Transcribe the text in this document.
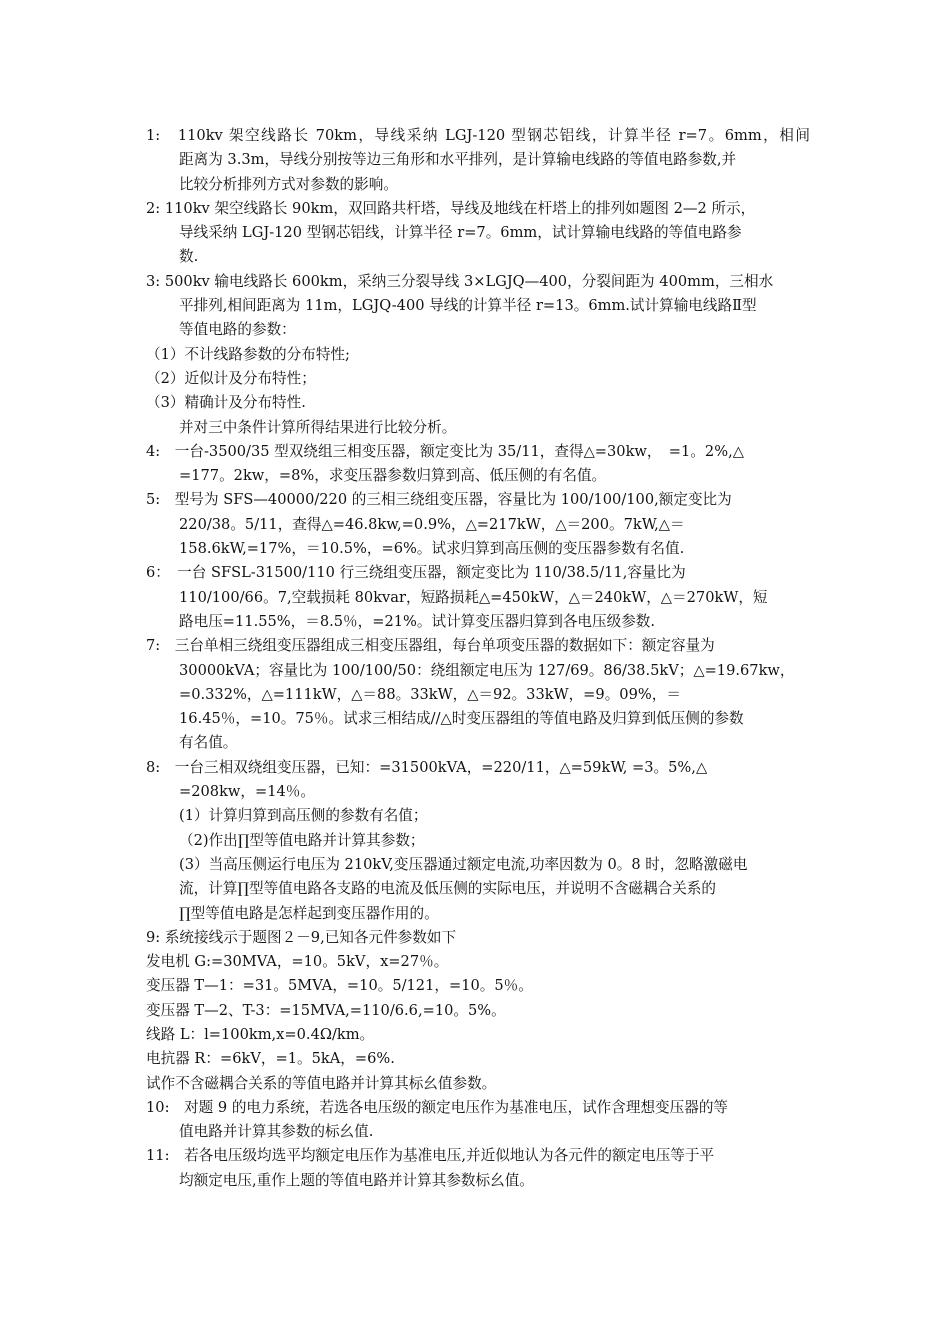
1:　110kv 架空线路长 70km，导线采纳 LGJ-120 型钢芯铝线，计算半径 r=7。6mm，相间
距离为 3.3m，导线分别按等边三角形和水平排列，是计算输电线路的等值电路参数,并
比较分析排列方式对参数的影响。
2: 110kv 架空线路长 90km，双回路共杆塔，导线及地线在杆塔上的排列如题图 2—2 所示，
导线采纳 LGJ-120 型钢芯铝线，计算半径 r=7。6mm，试计算输电线路的等值电路参
数.
3: 500kv 输电线路长 600km，采纳三分裂导线 3×LGJQ—400，分裂间距为 400mm，三相水
平排列,相间距离为 11m，LGJQ-400 导线的计算半径 r=13。6mm.试计算输电线路Ⅱ型
等值电路的参数：
（1）不计线路参数的分布特性;
（2）近似计及分布特性；
（3）精确计及分布特性.
并对三中条件计算所得结果进行比较分析。
4:　一台-3500/35 型双绕组三相变压器，额定变比为 35/11，查得△=30kw，　=1。2%,△
=177。2kw，=8%，求变压器参数归算到高、低压侧的有名值。
5:　型号为 SFS—40000/220 的三相三绕组变压器，容量比为 100/100/100,额定变比为
220/38。5/11，查得△=46.8kw,=0.9%，△=217kW，△＝200。7kW,△＝
158.6kW,=17%，＝10.5%，=6%。试求归算到高压侧的变压器参数有名值.
6：　一台 SFSL-31500/110 行三绕组变压器，额定变比为 110/38.5/11,容量比为
110/100/66。7,空载损耗 80kvar，短路损耗△=450kW，△＝240kW，△＝270kW，短
路电压=11.55%，＝8.5％，=21%。试计算变压器归算到各电压级参数.
7:　三台单相三绕组变压器组成三相变压器组，每台单项变压器的数据如下：额定容量为
30000kVA；容量比为 100/100/50：绕组额定电压为 127/69。86/38.5kV；△=19.67kw，
=0.332%，△=111kW，△＝88。33kW，△＝92。33kW，=9。09%，＝
16.45％，=10。75％。试求三相结成//△时变压器组的等值电路及归算到低压侧的参数
有名值。
8:　一台三相双绕组变压器，已知：=31500kVA，=220/11，△=59kW, =3。5%,△
=208kw，=14％。
(1）计算归算到高压侧的参数有名值；
（2)作出∏型等值电路并计算其参数；
(3）当高压侧运行电压为 210kV,变压器通过额定电流,功率因数为 0。8 时，忽略激磁电
流，计算∏型等值电路各支路的电流及低压侧的实际电压，并说明不含磁耦合关系的
∏型等值电路是怎样起到变压器作用的。
9: 系统接线示于题图２－9,已知各元件参数如下
发电机 G:=30MVA，=10。5kV，x=27％。
变压器 T—1：=31。5MVA，=10。5/121，=10。5％。
变压器 T—2、T-3：=15MVA,=110/6.6,=10。5%。
线路 L：l=100km,x=0.4Ω/km。
电抗器 R：=6kV，=1。5kA，=6%.
试作不含磁耦合关系的等值电路并计算其标幺值参数。
10:　对题 9 的电力系统，若选各电压级的额定电压作为基准电压，试作含理想变压器的等
值电路并计算其参数的标幺值.
11:　若各电压级均选平均额定电压作为基准电压,并近似地认为各元件的额定电压等于平
均额定电压,重作上题的等值电路并计算其参数标幺值。
